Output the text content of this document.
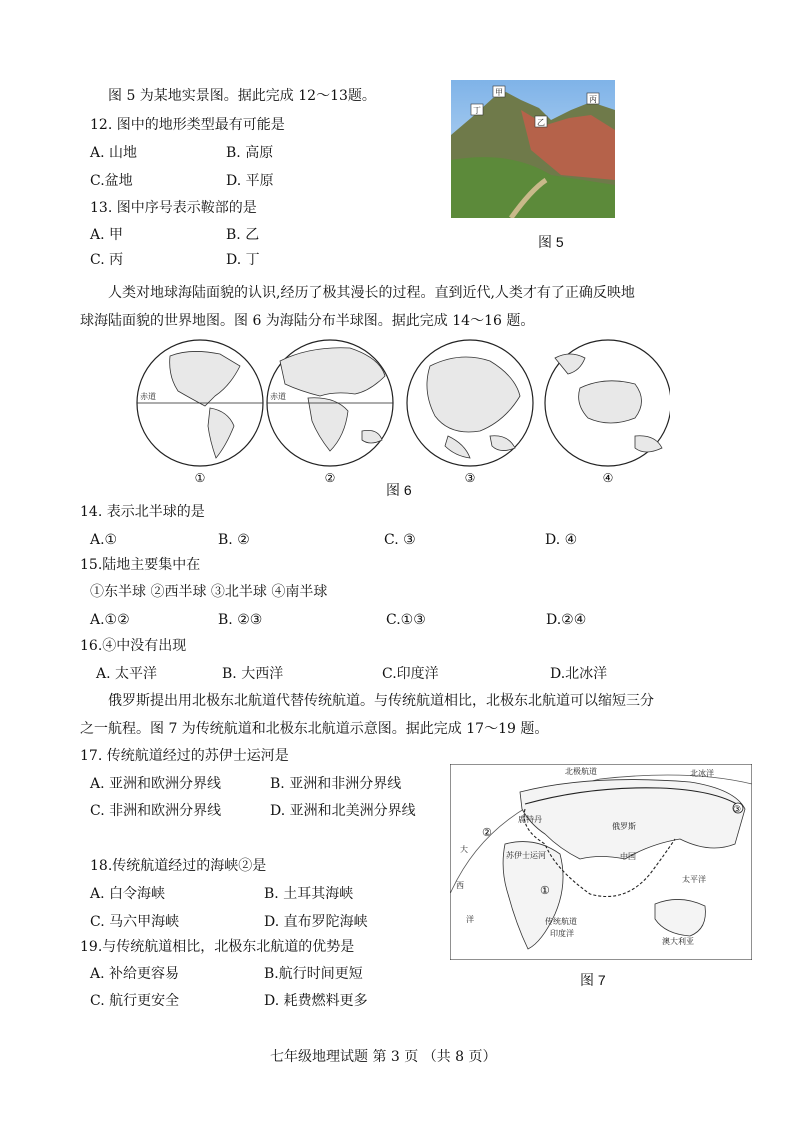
图 5 为某地实景图。据此完成 12～13题。
12. 图中的地形类型最有可能是
A. 山地	B. 高原
C.盆地	D. 平原
13. 图中序号表示鞍部的是
A. 甲	B. 乙
C. 丙	D. 丁
甲
乙
丙
丁
图 5
人类对地球海陆面貌的认识,经历了极其漫长的过程。直到近代,人类才有了正确反映地
球海陆面貌的世界地图。图 6 为海陆分布半球图。据此完成 14～16 题。
赤道
①
赤道
②	③	④
图 6
14. 表示北半球的是
A.①	B. ②	C. ③	D. ④
15.陆地主要集中在
①东半球 ②西半球 ③北半球 ④南半球
A.①②	B. ②③	C.①③	D.②④
16.④中没有出现
A. 太平洋	B. 大西洋	C.印度洋	D.北冰洋
俄罗斯提出用北极东北航道代替传统航道。与传统航道相比，北极东北航道可以缩短三分
之一航程。图 7 为传统航道和北极东北航道示意图。据此完成 17～19 题。
17. 传统航道经过的苏伊士运河是
A. 亚洲和欧洲分界线	B. 亚洲和非洲分界线
C. 非洲和欧洲分界线	D. 亚洲和北美洲分界线
18.传统航道经过的海峡②是
A. 白令海峡	B. 土耳其海峡
C. 马六甲海峡	D. 直布罗陀海峡
19.与传统航道相比，北极东北航道的优势是
A. 补给更容易	B.航行时间更短
C. 航行更安全	D. 耗费燃料更多
北极航道	北冰洋
俄罗斯
鹿特丹
苏伊士运河	中国
太平洋
西
洋
大
传统航道
印度洋
澳大利亚
①
②
③
图 7
七年级地理试题 第 3 页 （共 8 页）
